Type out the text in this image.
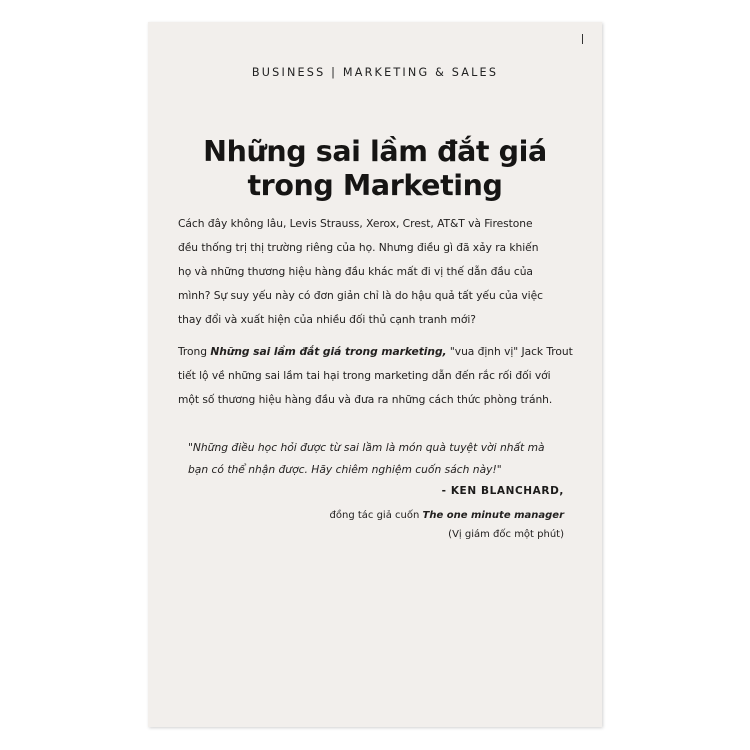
BUSINESS | MARKETING & SALES
Những sai lầm đắt giá
trong Marketing
Cách đây không lâu, Levis Strauss, Xerox, Crest, AT&T và Firestone
đều thống trị thị trường riêng của họ. Nhưng điều gì đã xảy ra khiến
họ và những thương hiệu hàng đầu khác mất đi vị thế dẫn đầu của
mình? Sự suy yếu này có đơn giản chỉ là do hậu quả tất yếu của việc
thay đổi và xuất hiện của nhiều đối thủ cạnh tranh mới?
Trong Những sai lầm đắt giá trong marketing, "vua định vị" Jack Trout
tiết lộ về những sai lầm tai hại trong marketing dẫn đến rắc rối đối với
một số thương hiệu hàng đầu và đưa ra những cách thức phòng tránh.
"Những điều học hỏi được từ sai lầm là món quà tuyệt vời nhất mà
bạn có thể nhận được. Hãy chiêm nghiệm cuốn sách này!"
- KEN BLANCHARD,
đồng tác giả cuốn The one minute manager
(Vị giám đốc một phút)
